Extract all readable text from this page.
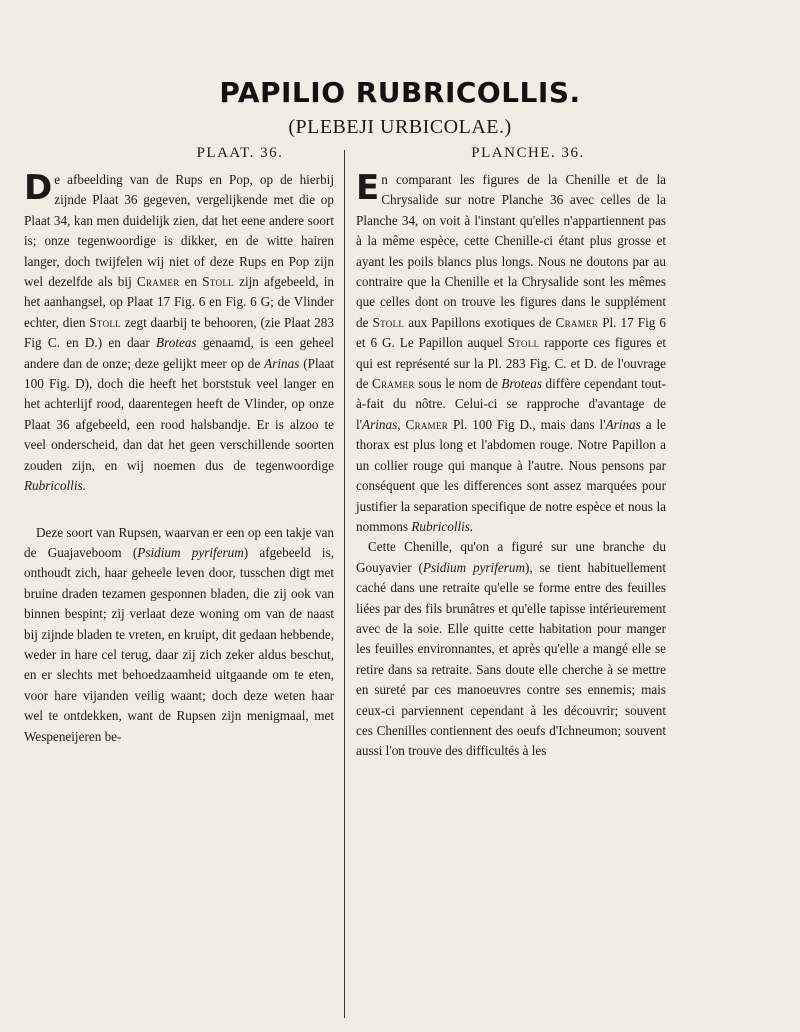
PAPILIO RUBRICOLLIS.
(PLEBEJI URBICOLAE.)
PLAAT. 36.	PLANCHE. 36.

De afbeelding van de Rups en Pop, op de hierbij zijnde Plaat 36 gegeven, vergelijkende met die op Plaat 34, kan men duidelijk zien, dat het eene andere soort is; onze tegenwoordige is dikker, en de witte hairen langer, doch twijfelen wij niet of deze Rups en Pop zijn wel dezelfde als bij Cramer en Stoll zijn afgebeeld, in het aanhangsel, op Plaat 17 Fig. 6 en Fig. 6 G; de Vlinder echter, dien Stoll zegt daarbij te behooren, (zie Plaat 283 Fig C. en D.) en daar Broteas genaamd, is een geheel andere dan de onze; deze gelijkt meer op de Arinas (Plaat 100 Fig. D), doch die heeft het borststuk veel langer en het achterlijf rood, daarentegen heeft de Vlinder, op onze Plaat 36 afgebeeld, een rood halsbandje. Er is alzoo te veel onderscheid, dan dat het geen verschillende soorten zouden zijn, en wij noemen dus de tegenwoordige Rubricollis.

Deze soort van Rupsen, waarvan er een op een takje van de Guajaveboom (Psidium pyriferum) afgebeeld is, onthoudt zich, haar geheele leven door, tusschen digt met bruine draden tezamen gesponnen bladen, die zij ook van binnen bespint; zij verlaat deze woning om van de naast bij zijnde bladen te vreten, en kruipt, dit gedaan hebbende, weder in hare cel terug, daar zij zich zeker aldus beschut, en er slechts met behoedzaamheid uitgaande om te eten, voor hare vijanden veilig waant; doch deze weten haar wel te ontdekken, want de Rupsen zijn menigmaal, met Wespeneijeren be-

En comparant les figures de la Chenille et de la Chrysalide sur notre Planche 36 avec celles de la Planche 34, on voit à l'instant qu'elles n'appartiennent pas à la même espèce, cette Chenille-ci étant plus grosse et ayant les poils blancs plus longs. Nous ne doutons par au contraire que la Chenille et la Chrysalide sont les mêmes que celles dont on trouve les figures dans le supplément de Stoll aux Papillons exotiques de Cramer Pl. 17 Fig 6 et 6 G. Le Papillon auquel Stoll rapporte ces figures et qui est représenté sur la Pl. 283 Fig. C. et D. de l'ouvrage de Cramer sous le nom de Broteas diffère cependant tout-à-fait du nôtre. Celui-ci se rapproche d'avantage de l'Arinas, Cramer Pl. 100 Fig D., mais dans l'Arinas a le thorax est plus long et l'abdomen rouge. Notre Papillon a un collier rouge qui manque à l'autre. Nous pensons par conséquent que les differences sont assez marquées pour justifier la separation specifique de notre espèce et nous la nommons Rubricollis.

Cette Chenille, qu'on a figuré sur une branche du Gouyavier (Psidium pyriferum), se tient habituellement caché dans une retraite qu'elle se forme entre des feuilles liées par des fils brunâtres et qu'elle tapisse intérieurement avec de la soie. Elle quitte cette habitation pour manger les feuilles environnantes, et après qu'elle a mangé elle se retire dans sa retraite. Sans doute elle cherche à se mettre en sureté par ces manoeuvres contre ses ennemis; mais ceux-ci parviennent cependant à les découvrir; souvent ces Chenilles contiennent des oeufs d'Ichneumon; souvent aussi l'on trouve des difficultés à les
